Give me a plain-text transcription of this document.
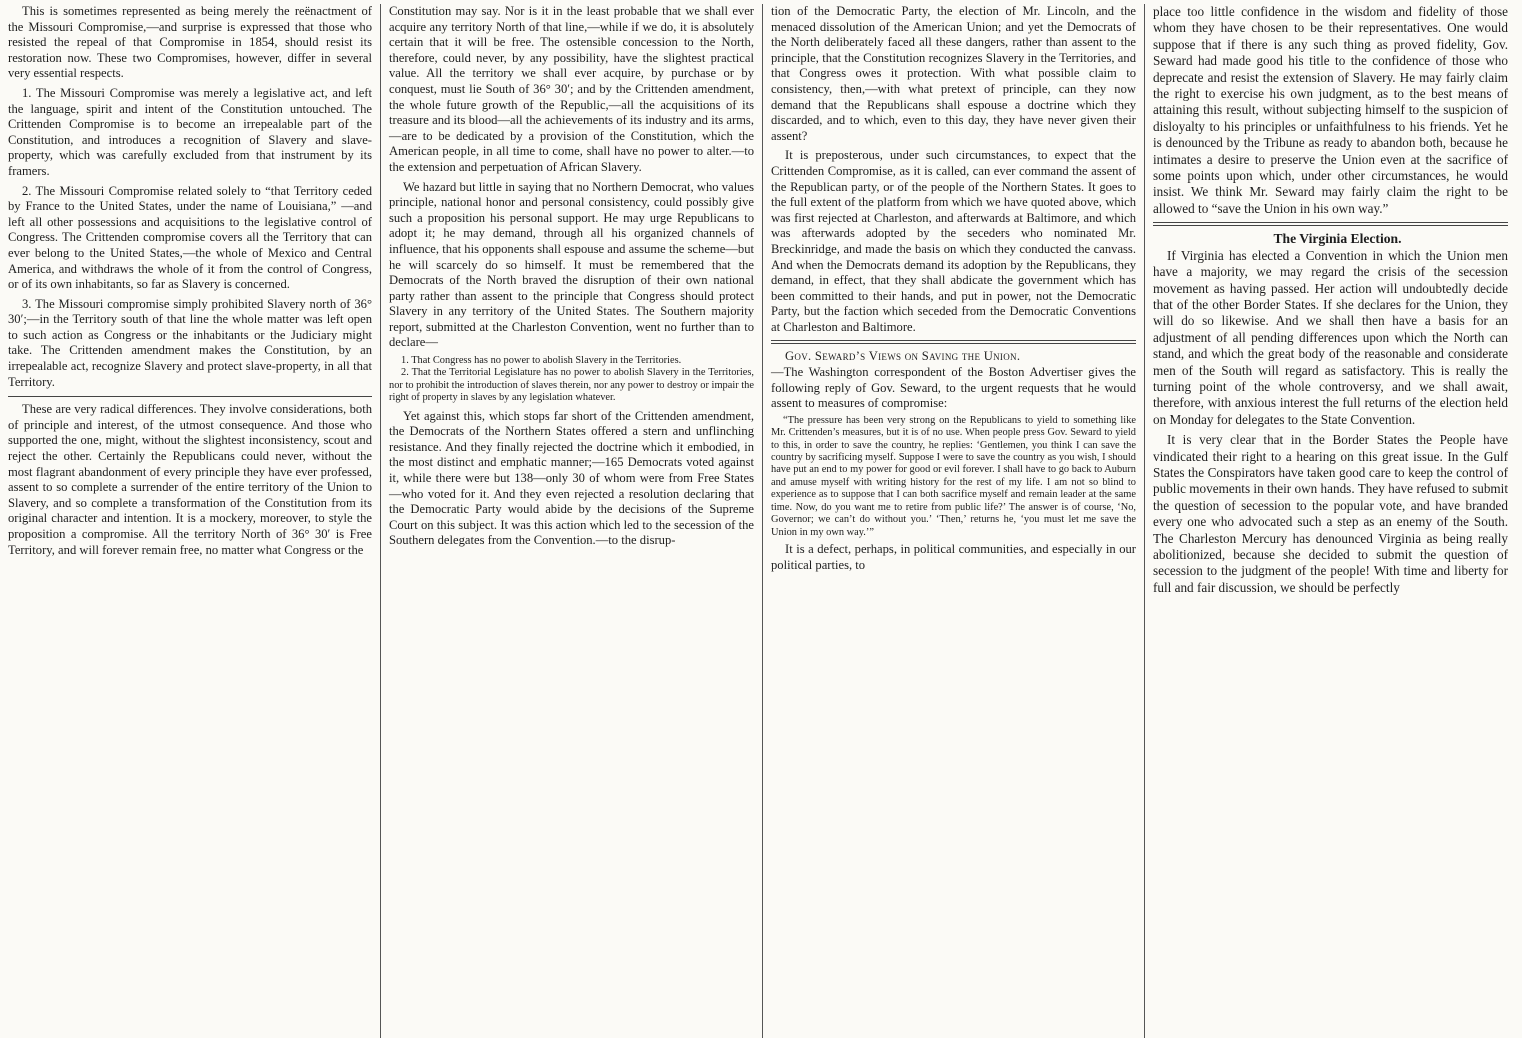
This is sometimes represented as being merely the reënactment of the Missouri Compromise,—and surprise is expressed that those who resisted the repeal of that Compromise in 1854, should resist its restoration now. These two Compromises, however, differ in several very essential respects.

1. The Missouri Compromise was merely a legislative act, and left the language, spirit and intent of the Constitution untouched. The Crittenden Compromise is to become an irrepealable part of the Constitution, and introduces a recognition of Slavery and slave-property, which was carefully excluded from that instrument by its framers.

2. The Missouri Compromise related solely to “that Territory ceded by France to the United States, under the name of Louisiana,” —and left all other possessions and acquisitions to the legislative control of Congress. The Crittenden compromise covers all the Territory that can ever belong to the United States,—the whole of Mexico and Central America, and withdraws the whole of it from the control of Congress, or of its own inhabitants, so far as Slavery is concerned.

3. The Missouri compromise simply prohibited Slavery north of 36° 30′;—in the Territory south of that line the whole matter was left open to such action as Congress or the inhabitants or the Judiciary might take. The Crittenden amendment makes the Constitution, by an irrepealable act, recognize Slavery and protect slave-property, in all that Territory.

These are very radical differences. They involve considerations, both of principle and interest, of the utmost consequence. And those who supported the one, might, without the slightest inconsistency, scout and reject the other. Certainly the Republicans could never, without the most flagrant abandonment of every principle they have ever professed, assent to so complete a surrender of the entire territory of the Union to Slavery, and so complete a transformation of the Constitution from its original character and intention. It is a mockery, moreover, to style the proposition a compromise. All the territory North of 36° 30′ is Free Territory, and will forever remain free, no matter what Congress or the

Constitution may say. Nor is it in the least probable that we shall ever acquire any territory North of that line,—while if we do, it is absolutely certain that it will be free. The ostensible concession to the North, therefore, could never, by any possibility, have the slightest practical value. All the territory we shall ever acquire, by purchase or by conquest, must lie South of 36° 30′; and by the Crittenden amendment, the whole future growth of the Republic,—all the acquisitions of its treasure and its blood—all the achievements of its industry and its arms,—are to be dedicated by a provision of the Constitution, which the American people, in all time to come, shall have no power to alter.—to the extension and perpetuation of African Slavery.

We hazard but little in saying that no Northern Democrat, who values principle, national honor and personal consistency, could possibly give such a proposition his personal support. He may urge Republicans to adopt it; he may demand, through all his organized channels of influence, that his opponents shall espouse and assume the scheme—but he will scarcely do so himself. It must be remembered that the Democrats of the North braved the disruption of their own national party rather than assent to the principle that Congress should protect Slavery in any territory of the United States. The Southern majority report, submitted at the Charleston Convention, went no further than to declare—

1. That Congress has no power to abolish Slavery in the Territories.

2. That the Territorial Legislature has no power to abolish Slavery in the Territories, nor to prohibit the introduction of slaves therein, nor any power to destroy or impair the right of property in slaves by any legislation whatever.

Yet against this, which stops far short of the Crittenden amendment, the Democrats of the Northern States offered a stern and unflinching resistance. And they finally rejected the doctrine which it embodied, in the most distinct and emphatic manner;—165 Democrats voted against it, while there were but 138—only 30 of whom were from Free States —who voted for it. And they even rejected a resolution declaring that the Democratic Party would abide by the decisions of the Supreme Court on this subject. It was this action which led to the secession of the Southern delegates from the Convention.—to the disrup-

tion of the Democratic Party, the election of Mr. Lincoln, and the menaced dissolution of the American Union; and yet the Democrats of the North deliberately faced all these dangers, rather than assent to the principle, that the Constitution recognizes Slavery in the Territories, and that Congress owes it protection. With what possible claim to consistency, then,—with what pretext of principle, can they now demand that the Republicans shall espouse a doctrine which they discarded, and to which, even to this day, they have never given their assent?

It is preposterous, under such circumstances, to expect that the Crittenden Compromise, as it is called, can ever command the assent of the Republican party, or of the people of the Northern States. It goes to the full extent of the platform from which we have quoted above, which was first rejected at Charleston, and afterwards at Baltimore, and which was afterwards adopted by the seceders who nominated Mr. Breckinridge, and made the basis on which they conducted the canvass. And when the Democrats demand its adoption by the Republicans, they demand, in effect, that they shall abdicate the government which has been committed to their hands, and put in power, not the Democratic Party, but the faction which seceded from the Democratic Conventions at Charleston and Baltimore.

Gov. Seward’s Views on Saving the Union.

—The Washington correspondent of the Boston Advertiser gives the following reply of Gov. Seward, to the urgent requests that he would assent to measures of compromise:

“The pressure has been very strong on the Republicans to yield to something like Mr. Crittenden’s measures, but it is of no use. When people press Gov. Seward to yield to this, in order to save the country, he replies: ‘Gentlemen, you think I can save the country by sacrificing myself. Suppose I were to save the country as you wish, I should have put an end to my power for good or evil forever. I shall have to go back to Auburn and amuse myself with writing history for the rest of my life. I am not so blind to experience as to suppose that I can both sacrifice myself and remain leader at the same time. Now, do you want me to retire from public life?’ The answer is of course, ‘No, Governor; we can’t do without you.’ ‘Then,’ returns he, ‘you must let me save the Union in my own way.’”

It is a defect, perhaps, in political communities, and especially in our political parties, to

place too little confidence in the wisdom and fidelity of those whom they have chosen to be their representatives. One would suppose that if there is any such thing as proved fidelity, Gov. Seward had made good his title to the confidence of those who deprecate and resist the extension of Slavery. He may fairly claim the right to exercise his own judgment, as to the best means of attaining this result, without subjecting himself to the suspicion of disloyalty to his principles or unfaithfulness to his friends. Yet he is denounced by the Tribune as ready to abandon both, because he intimates a desire to preserve the Union even at the sacrifice of some points upon which, under other circumstances, he would insist. We think Mr. Seward may fairly claim the right to be allowed to “save the Union in his own way.”

The Virginia Election.

If Virginia has elected a Convention in which the Union men have a majority, we may regard the crisis of the secession movement as having passed. Her action will undoubtedly decide that of the other Border States. If she declares for the Union, they will do so likewise. And we shall then have a basis for an adjustment of all pending differences upon which the North can stand, and which the great body of the reasonable and considerate men of the South will regard as satisfactory. This is really the turning point of the whole controversy, and we shall await, therefore, with anxious interest the full returns of the election held on Monday for delegates to the State Convention.

It is very clear that in the Border States the People have vindicated their right to a hearing on this great issue. In the Gulf States the Conspirators have taken good care to keep the control of public movements in their own hands. They have refused to submit the question of secession to the popular vote, and have branded every one who advocated such a step as an enemy of the South. The Charleston Mercury has denounced Virginia as being really abolitionized, because she decided to submit the question of secession to the judgment of the people! With time and liberty for full and fair discussion, we should be perfectly
